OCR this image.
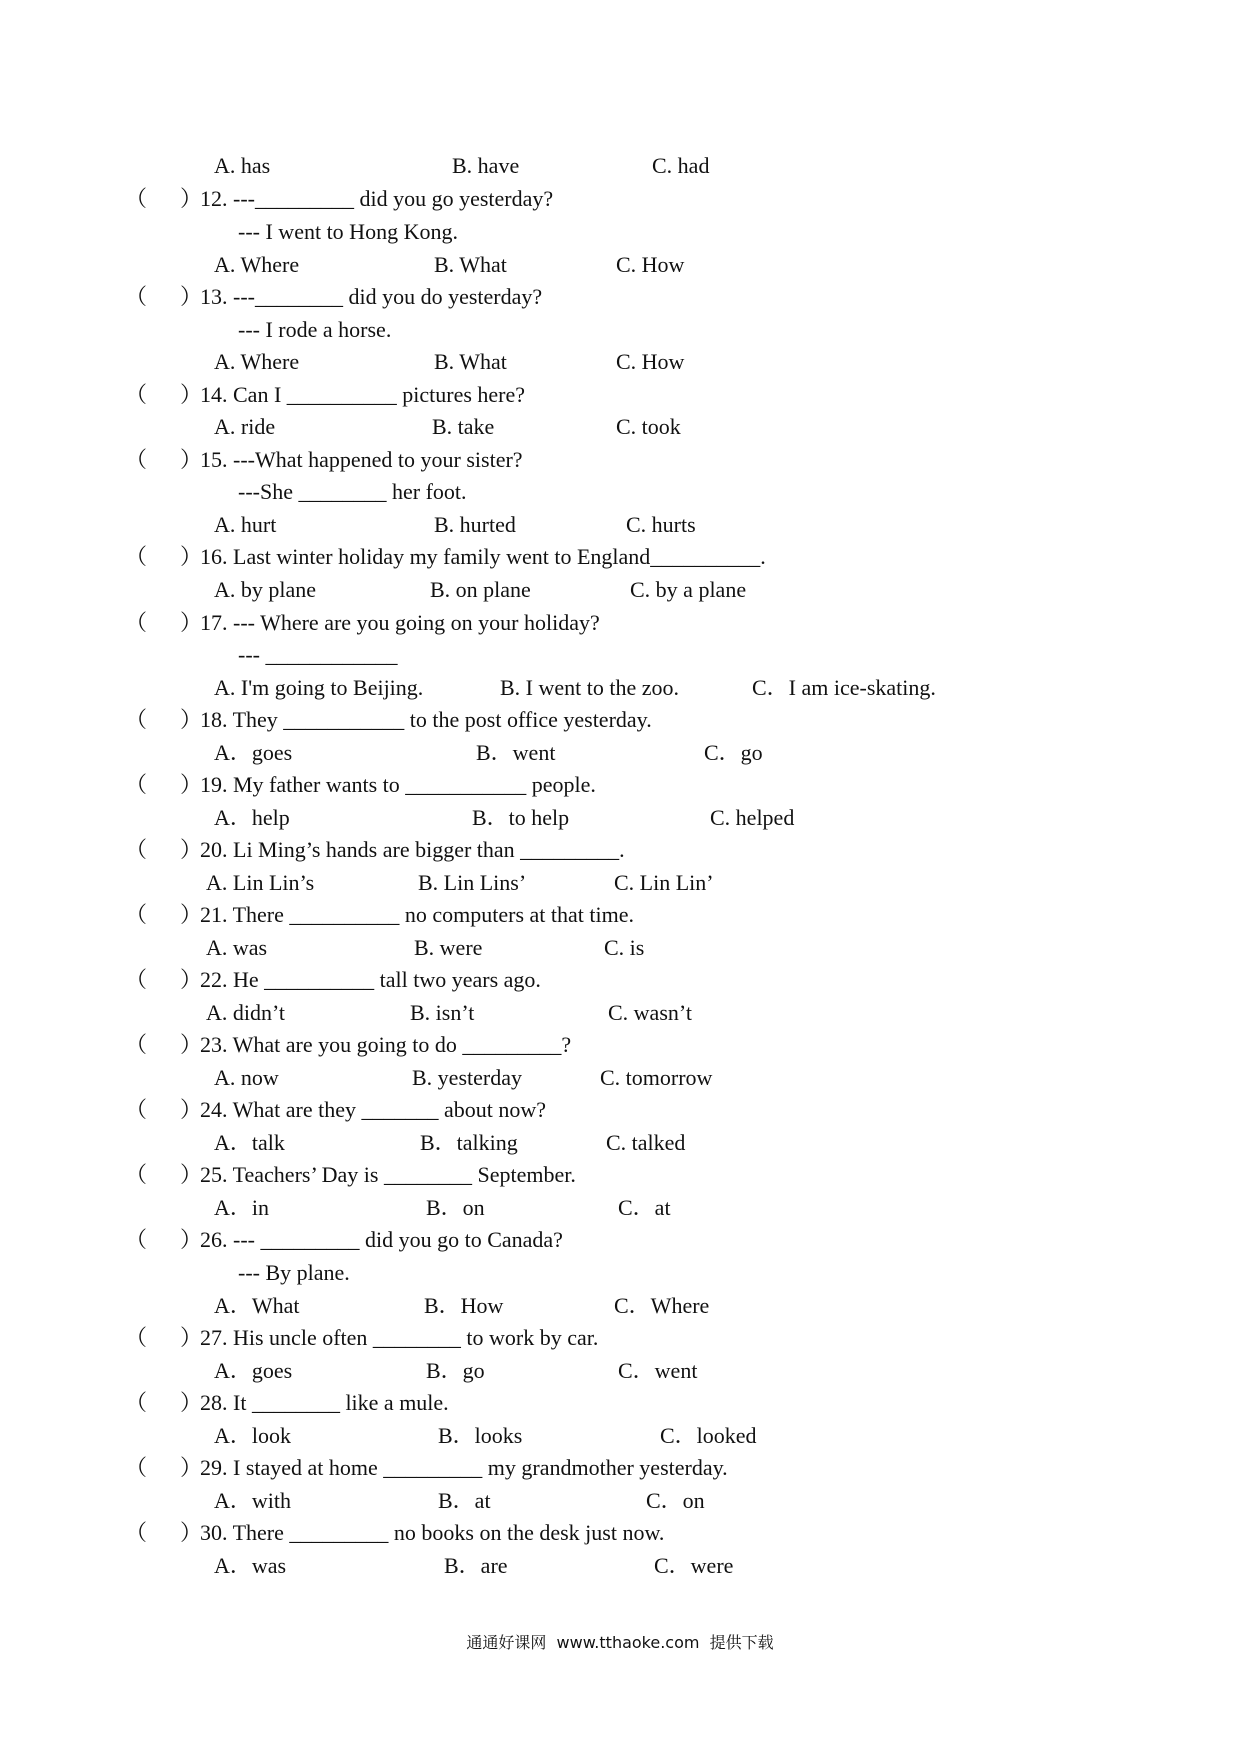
A. has	B. have	C. had
（      ）
12. ---_________ did you go yesterday?
--- I went to Hong Kong.
A. Where	B. What	C. How
（      ）
13. ---________ did you do yesterday?
--- I rode a horse.
A. Where	B. What	C. How
（      ）
14. Can I __________ pictures here?
A. ride	B. take	C. took
（      ）
15. ---What happened to your sister?
---She ________ her foot.
A. hurt	B. hurted	C. hurts
（      ）
16. Last winter holiday my family went to England__________.
A. by plane	B. on plane	C. by a plane
（      ）
17. --- Where are you going on your holiday?
--- ____________
A. I'm going to Beijing.	B. I went to the zoo.	C．I am ice-skating.
（      ）
18. They ___________ to the post office yesterday.
A．goes	B．went	C．go
（      ）
19. My father wants to ___________ people.
A．help	B．to help	C. helped
（      ）
20. Li Ming’s hands are bigger than _________.
A. Lin Lin’s	B. Lin Lins’	C. Lin Lin’
（      ）
21. There __________ no computers at that time.
A. was	B. were	C. is
（      ）
22. He __________ tall two years ago.
A. didn’t	B. isn’t	C. wasn’t
（      ）
23. What are you going to do _________?
A. now	B. yesterday	C. tomorrow
（      ）
24. What are they _______ about now?
A．talk	B．talking	C. talked
（      ）
25. Teachers’ Day is ________ September.
A．in	B．on	C．at
（      ）
26. --- _________ did you go to Canada?
--- By plane.
A．What	B．How	C．Where
（      ）
27. His uncle often ________ to work by car.
A．goes	B．go	C．went
（      ）
28. It ________ like a mule.
A．look	B．looks	C．looked
（      ）
29. I stayed at home _________ my grandmother yesterday.
A．with	B．at	C．on
（      ）
30. There _________ no books on the desk just now.
A．was	B．are	C．were
通通好课网  www.tthaoke.com  提供下载
